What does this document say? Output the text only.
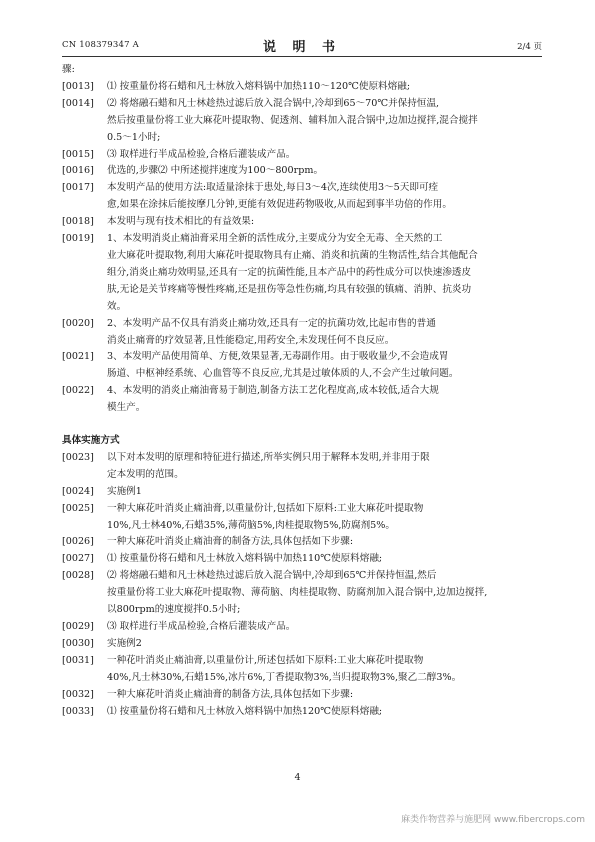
CN 108379347 A	说 明 书	2/4 页
骤:
[0013] ⑴ 按重量份将石蜡和凡士林放入熔料锅中加热110～120℃使原料熔融;
[0014] ⑵ 将熔融石蜡和凡士林趁热过滤后放入混合锅中,冷却到65～70℃并保持恒温,
然后按重量份将工业大麻花叶提取物、促透剂、辅料加入混合锅中,边加边搅拌,混合搅拌
0.5～1小时;
[0015] ⑶ 取样进行半成品检验,合格后灌装成产品。
[0016] 优选的,步骤⑵ 中所述搅拌速度为100～800rpm。
[0017] 本发明产品的使用方法:取适量涂抹于患处,每日3～4次,连续使用3～5天即可痊
愈,如果在涂抹后能按摩几分钟,更能有效促进药物吸收,从而起到事半功倍的作用。
[0018] 本发明与现有技术相比的有益效果:
[0019] 1、本发明消炎止痛油膏采用全新的活性成分,主要成分为安全无毒、全天然的工
业大麻花叶提取物,利用大麻花叶提取物具有止痛、消炎和抗菌的生物活性,结合其他配合
组分,消炎止痛功效明显,还具有一定的抗菌性能,且本产品中的药性成分可以快速渗透皮
肤,无论是关节疼痛等慢性疼痛,还是扭伤等急性伤痛,均具有较强的镇痛、消肿、抗炎功
效。
[0020] 2、本发明产品不仅具有消炎止痛功效,还具有一定的抗菌功效,比起市售的普通
消炎止痛膏的疗效显著,且性能稳定,用药安全,未发现任何不良反应。
[0021] 3、本发明产品使用简单、方便,效果显著,无毒副作用。由于吸收量少,不会造成胃
肠道、中枢神经系统、心血管等不良反应,尤其是过敏体质的人,不会产生过敏问题。
[0022] 4、本发明的消炎止痛油膏易于制造,制备方法工艺化程度高,成本较低,适合大规
模生产。
具体实施方式
[0023] 以下对本发明的原理和特征进行描述,所举实例只用于解释本发明,并非用于限
定本发明的范围。
[0024] 实施例1
[0025] 一种大麻花叶消炎止痛油膏,以重量份计,包括如下原料:工业大麻花叶提取物
10%,凡士林40%,石蜡35%,薄荷脑5%,肉桂提取物5%,防腐剂5%。
[0026] 一种大麻花叶消炎止痛油膏的制备方法,具体包括如下步骤:
[0027] ⑴ 按重量份将石蜡和凡士林放入熔料锅中加热110℃使原料熔融;
[0028] ⑵ 将熔融石蜡和凡士林趁热过滤后放入混合锅中,冷却到65℃并保持恒温,然后
按重量份将工业大麻花叶提取物、薄荷脑、肉桂提取物、防腐剂加入混合锅中,边加边搅拌,
以800rpm的速度搅拌0.5小时;
[0029] ⑶ 取样进行半成品检验,合格后灌装成产品。
[0030] 实施例2
[0031] 一种花叶消炎止痛油膏,以重量份计,所述包括如下原料:工业大麻花叶提取物
40%,凡士林30%,石蜡15%,冰片6%,丁香提取物3%,当归提取物3%,聚乙二醇3%。
[0032] 一种大麻花叶消炎止痛油膏的制备方法,具体包括如下步骤:
[0033] ⑴ 按重量份将石蜡和凡士林放入熔料锅中加热120℃使原料熔融;
4
麻类作物营养与施肥网 www.fibercrops.com
